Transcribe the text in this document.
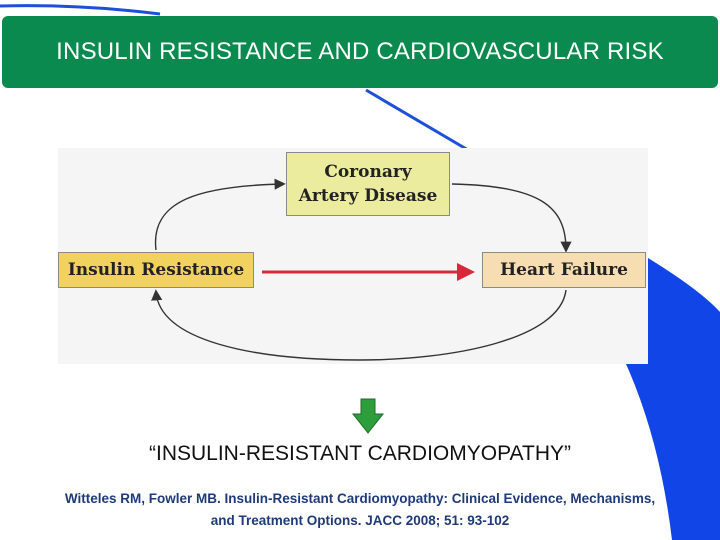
INSULIN RESISTANCE AND CARDIOVASCULAR RISK
Coronary
Artery Disease
Insulin Resistance	Heart Failure
“INSULIN-RESISTANT CARDIOMYOPATHY”
Witteles RM, Fowler MB. Insulin-Resistant Cardiomyopathy: Clinical Evidence, Mechanisms,
and Treatment Options. JACC 2008; 51: 93-102
